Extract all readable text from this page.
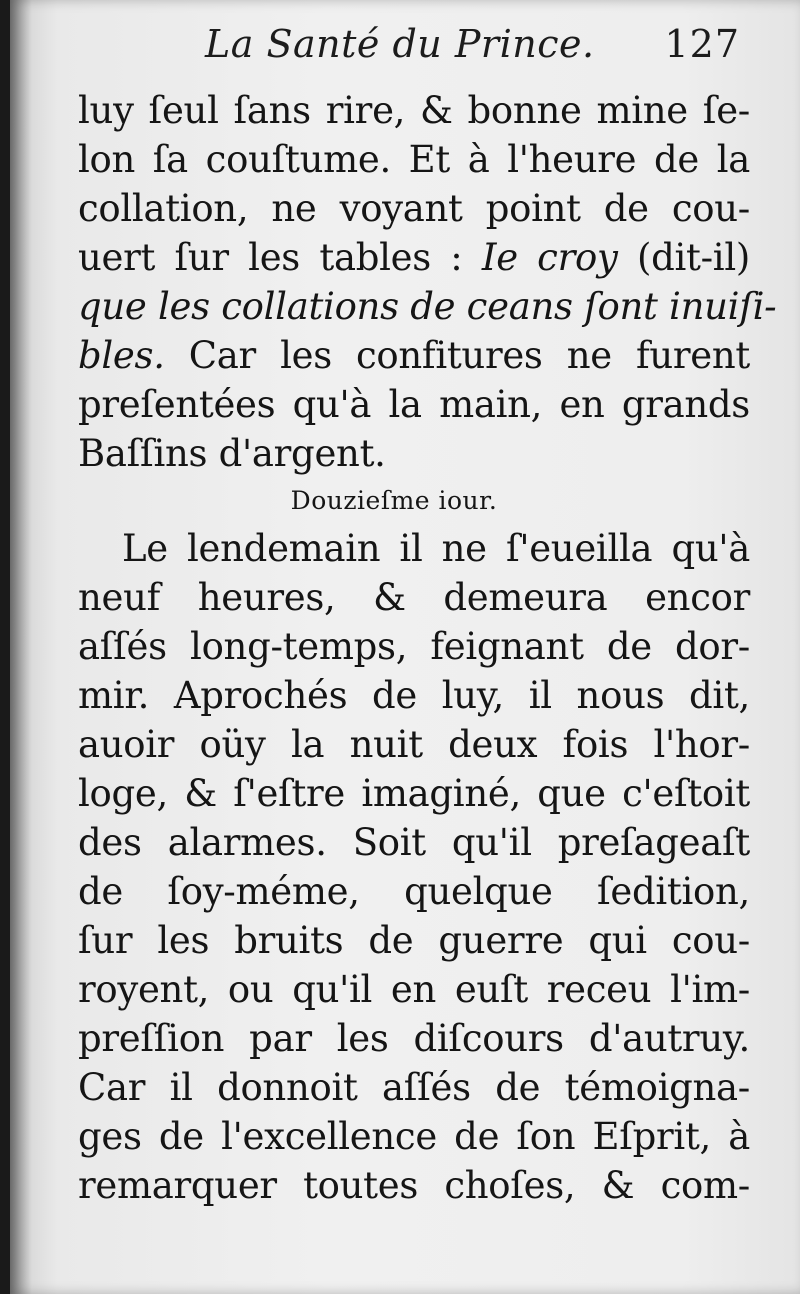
La Santé du Prince. 127
luy ſeul ſans rire, & bonne mine ſe-
lon ſa couſtume. Et à l'heure de la
collation, ne voyant point de cou-
uert ſur les tables : Ie croy (dit-il)
que les collations de ceans ſont inuiſi-
bles. Car les confitures ne furent
preſentées qu'à la main, en grands
Baſſins d'argent.
Douzieſme iour.
Le lendemain il ne ſ'eueilla qu'à
neuf heures, & demeura encor
aſſés long-temps, feignant de dor-
mir. Aprochés de luy, il nous dit,
auoir oüy la nuit deux fois l'hor-
loge, & ſ'eſtre imaginé, que c'eſtoit
des alarmes. Soit qu'il preſageaſt
de ſoy-méme, quelque ſedition,
ſur les bruits de guerre qui cou-
royent, ou qu'il en euſt receu l'im-
preſſion par les diſcours d'autruy.
Car il donnoit aſſés de témoigna-
ges de l'excellence de ſon Eſprit, à
remarquer toutes choſes, & com-
